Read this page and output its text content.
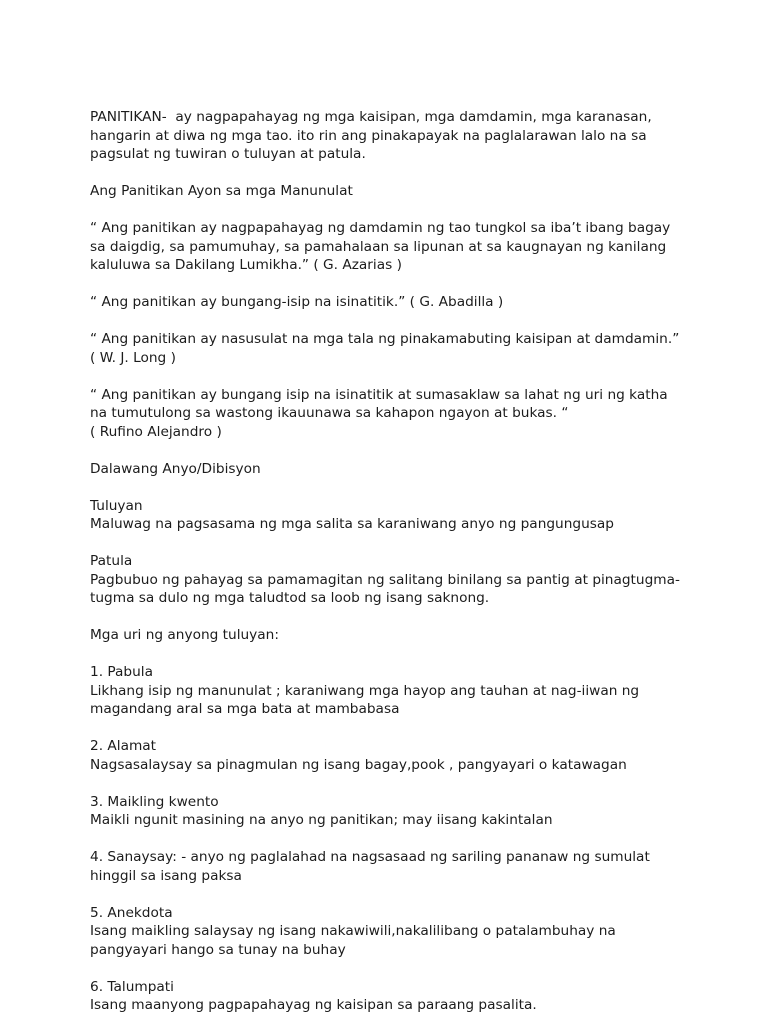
PANITIKAN-  ay nagpapahayag ng mga kaisipan, mga damdamin, mga karanasan,
hangarin at diwa ng mga tao. ito rin ang pinakapayak na paglalarawan lalo na sa
pagsulat ng tuwiran o tuluyan at patula.
Ang Panitikan Ayon sa mga Manunulat
“ Ang panitikan ay nagpapahayag ng damdamin ng tao tungkol sa iba’t ibang bagay
sa daigdig, sa pamumuhay, sa pamahalaan sa lipunan at sa kaugnayan ng kanilang
kaluluwa sa Dakilang Lumikha.” ( G. Azarias )
“ Ang panitikan ay bungang-isip na isinatitik.” ( G. Abadilla )
“ Ang panitikan ay nasusulat na mga tala ng pinakamabuting kaisipan at damdamin.”
( W. J. Long )
“ Ang panitikan ay bungang isip na isinatitik at sumasaklaw sa lahat ng uri ng katha
na tumutulong sa wastong ikauunawa sa kahapon ngayon at bukas. “
( Rufino Alejandro )
Dalawang Anyo/Dibisyon
Tuluyan
Maluwag na pagsasama ng mga salita sa karaniwang anyo ng pangungusap
Patula
Pagbubuo ng pahayag sa pamamagitan ng salitang binilang sa pantig at pinagtugma-
tugma sa dulo ng mga taludtod sa loob ng isang saknong.
Mga uri ng anyong tuluyan:
1. Pabula
Likhang isip ng manunulat ; karaniwang mga hayop ang tauhan at nag-iiwan ng
magandang aral sa mga bata at mambabasa
2. Alamat
Nagsasalaysay sa pinagmulan ng isang bagay,pook , pangyayari o katawagan
3. Maikling kwento
Maikli ngunit masining na anyo ng panitikan; may iisang kakintalan
4. Sanaysay: - anyo ng paglalahad na nagsasaad ng sariling pananaw ng sumulat
hinggil sa isang paksa
5. Anekdota
Isang maikling salaysay ng isang nakawiwili,nakalilibang o patalambuhay na
pangyayari hango sa tunay na buhay
6. Talumpati
Isang maanyong pagpapahayag ng kaisipan sa paraang pasalita.
